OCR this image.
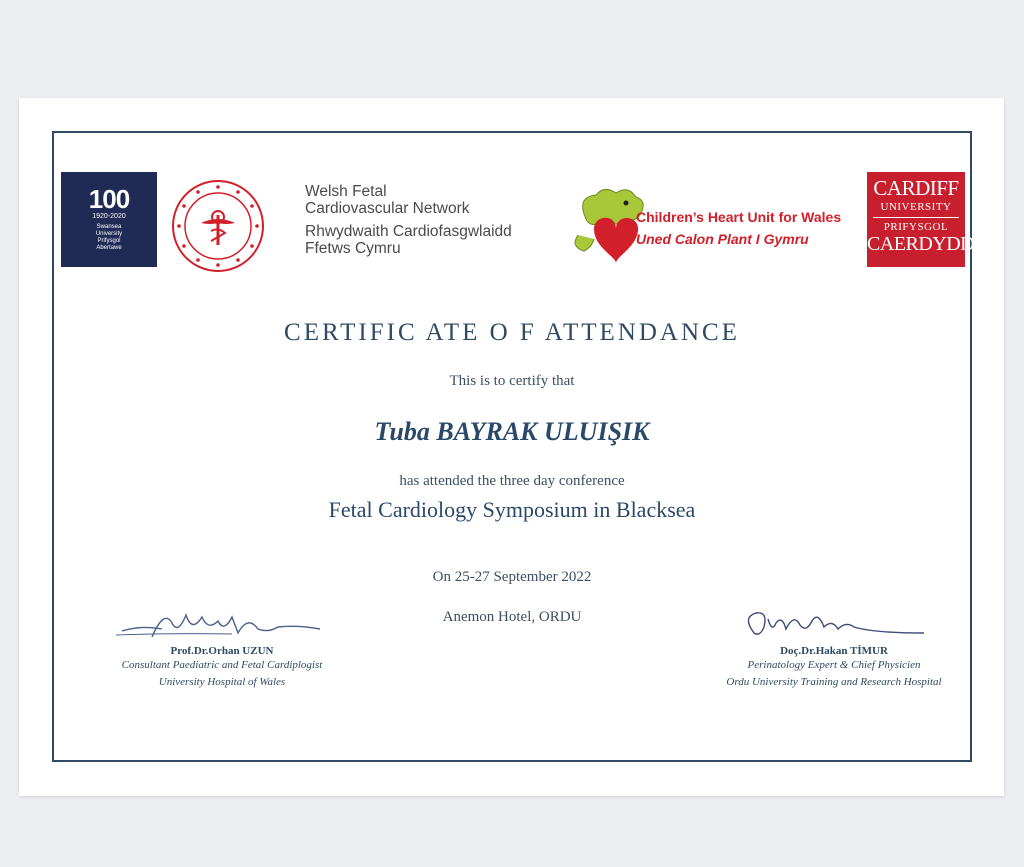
100
1920-2020
Swansea
University
Prifysgol
Abertawe
Welsh Fetal
Cardiovascular Network
Rhwydwaith Cardiofasgwlaidd
Ffetws Cymru
Children’s Heart Unit for Wales
Uned Calon Plant I Gymru
CARDIFF
UNIVERSITY
PRIFYSGOL
CAERDYDD
CERTIFIC ATE O F ATTENDANCE
This is to certify that
Tuba BAYRAK ULUIŞIK
has attended the three day conference
Fetal Cardiology Symposium in Blacksea
On 25-27 September 2022
Anemon Hotel, ORDU
Prof.Dr.Orhan UZUN
Consultant Paediatric and Fetal Cardiplogist
University Hospital of Wales
Doç.Dr.Hakan TİMUR
Perinatology Expert & Chief Physicien
Ordu University Training and Research Hospital
